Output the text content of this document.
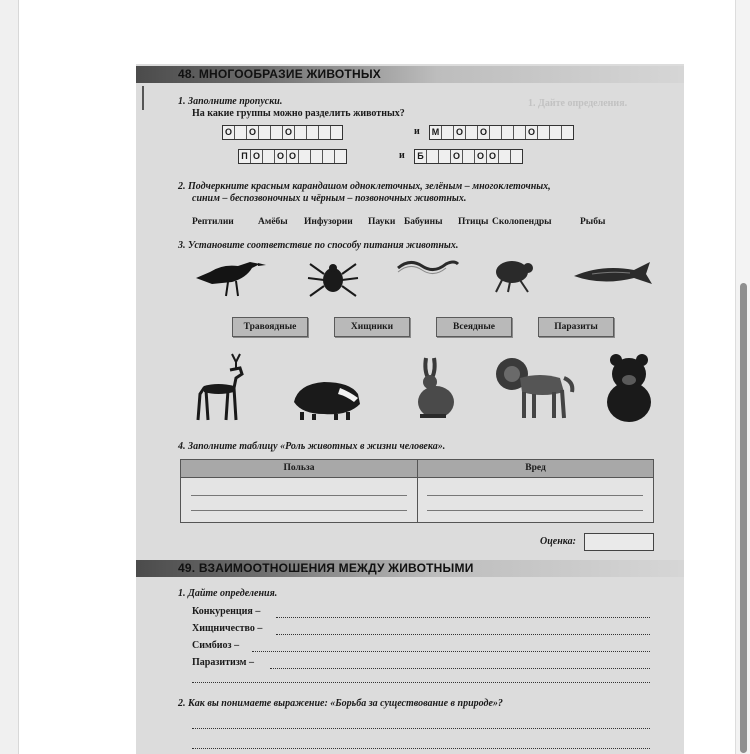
1. Дайте определения.
48. МНОГООБРАЗИЕ ЖИВОТНЫХ
1. Заполните пропуски.
На какие группы можно разделить животных?
О	О	О	и М	О	О	О
П О	О О	и Б	О	О О
2. Подчеркните красным карандашом одноклеточных, зелёным – многоклеточных,
синим – беспозвоночных и чёрным – позвоночных животных.
Рептилии	Амёбы Инфузории Пауки Бабуины Птицы Сколопендры	Рыбы
3. Установите соответствие по способу питания животных.
Травоядные	Хищники	Всеядные	Паразиты
4. Заполните таблицу «Роль животных в жизни человека».
Польза	Вред
Оценка:
49. ВЗАИМООТНОШЕНИЯ МЕЖДУ ЖИВОТНЫМИ
1. Дайте определения.
Конкуренция –
Хищничество –
Симбиоз –
Паразитизм –
2. Как вы понимаете выражение: «Борьба за существование в природе»?
